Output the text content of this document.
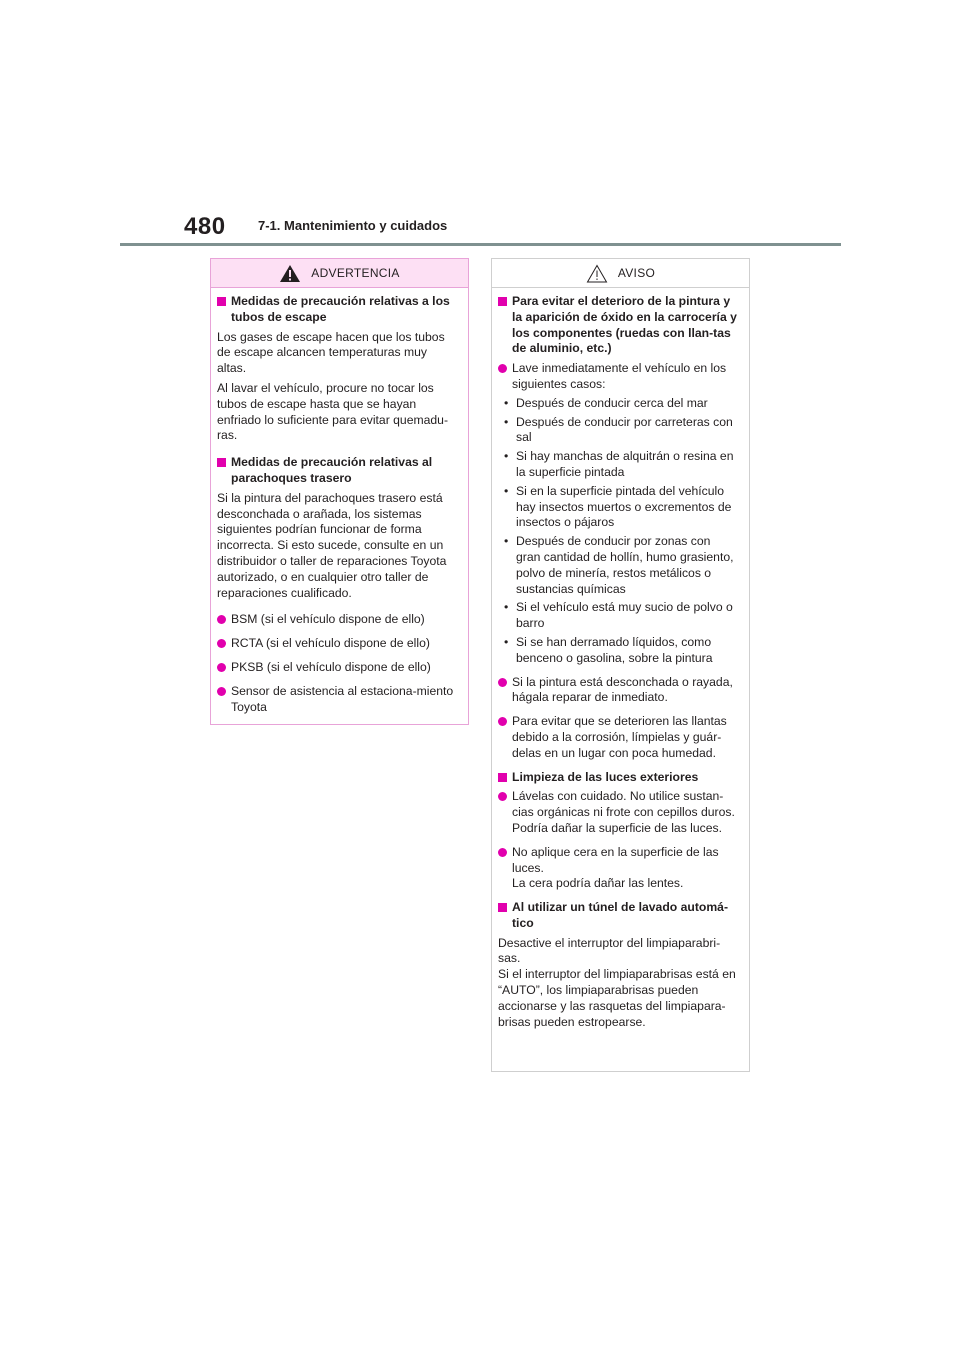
480 7-1. Mantenimiento y cuidados
ADVERTENCIA
Medidas de precaución relativas a los tubos de escape

Los gases de escape hacen que los tubos de escape alcancen temperaturas muy altas.

Al lavar el vehículo, procure no tocar los tubos de escape hasta que se hayan enfriado lo suficiente para evitar quemadu-ras.

Medidas de precaución relativas al parachoques trasero

Si la pintura del parachoques trasero está desconchada o arañada, los sistemas siguientes podrían funcionar de forma incorrecta. Si esto sucede, consulte en un distribuidor o taller de reparaciones Toyota autorizado, o en cualquier otro taller de reparaciones cualificado.

BSM (si el vehículo dispone de ello)
RCTA (si el vehículo dispone de ello)
PKSB (si el vehículo dispone de ello)
Sensor de asistencia al estaciona-miento Toyota
AVISO
Para evitar el deterioro de la pintura y la aparición de óxido en la carrocería y los componentes (ruedas con llan-tas de aluminio, etc.)
Lave inmediatamente el vehículo en los siguientes casos:
• Después de conducir cerca del mar
• Después de conducir por carreteras con sal
• Si hay manchas de alquitrán o resina en la superficie pintada
• Si en la superficie pintada del vehículo hay insectos muertos o excrementos de insectos o pájaros
• Después de conducir por zonas con gran cantidad de hollín, humo grasiento, polvo de minería, restos metálicos o sustancias químicas
• Si el vehículo está muy sucio de polvo o barro
• Si se han derramado líquidos, como benceno o gasolina, sobre la pintura
Si la pintura está desconchada o rayada, hágala reparar de inmediato.
Para evitar que se deterioren las llantas debido a la corrosión, límpielas y guár-delas en un lugar con poca humedad.
Limpieza de las luces exteriores
Lávelas con cuidado. No utilice sustan-cias orgánicas ni frote con cepillos duros.
Podría dañar la superficie de las luces.
No aplique cera en la superficie de las luces.
La cera podría dañar las lentes.
Al utilizar un túnel de lavado automá-tico

Desactive el interruptor del limpiaparabri-sas.
Si el interruptor del limpiaparabrisas está en “AUTO”, los limpiaparabrisas pueden accionarse y las rasquetas del limpiapara-brisas pueden estropearse.
